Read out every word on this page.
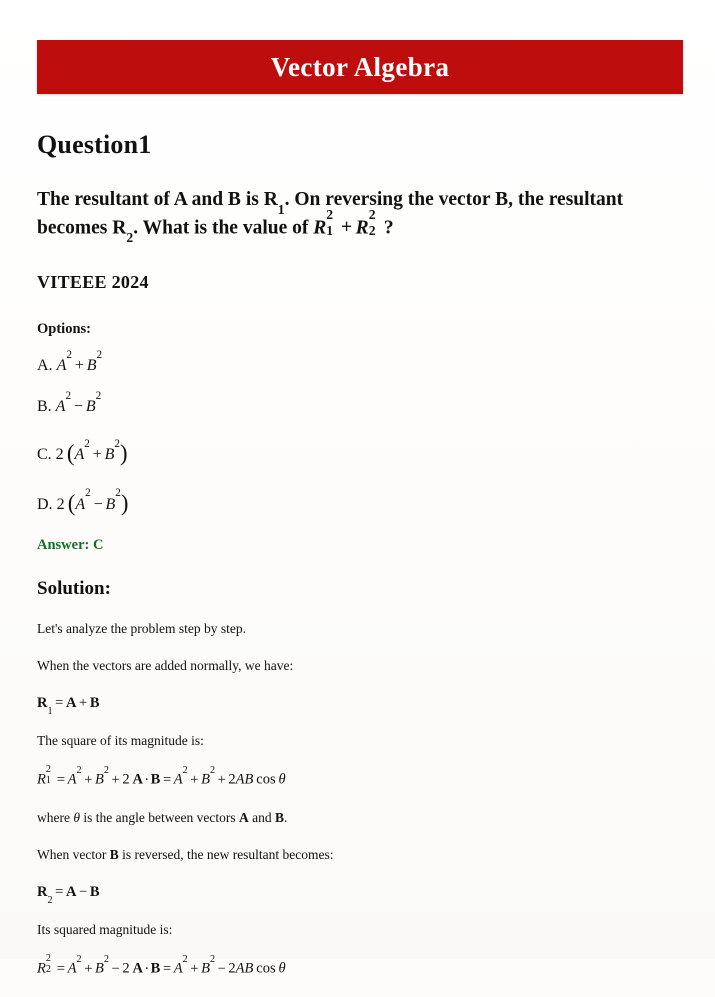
Vector Algebra
Question1

The resultant of A and B is $R_1$. On reversing the vector B, the resultant becomes $R_2$. What is the value of R
2
1 + R
2
2 ?

VITEEE 2024

Options:

A. $A^2+ B^2$

B. $A^2- B^2$

C. 2 $(A^2+ B^2)$

D. 2 $(A^2- B^2)$

Answer: C

Solution:

Let's analyze the problem step by step.

When the vectors are added normally, we have:

$R_1= A + B$

The square of its magnitude is:

R
2
$1 = A^2+ B^2+ 2$ $A\cdot B = A^2+ B^2+ 2AB$ cos θ

where θ is the angle between vectors A and B.

When vector B is reversed, the new resultant becomes:

$R_2= A - B$

Its squared magnitude is:

R
2
$2 = A^2+ B^2- 2$ $A\cdot B = A^2+ B^2- 2AB$ cos θ
